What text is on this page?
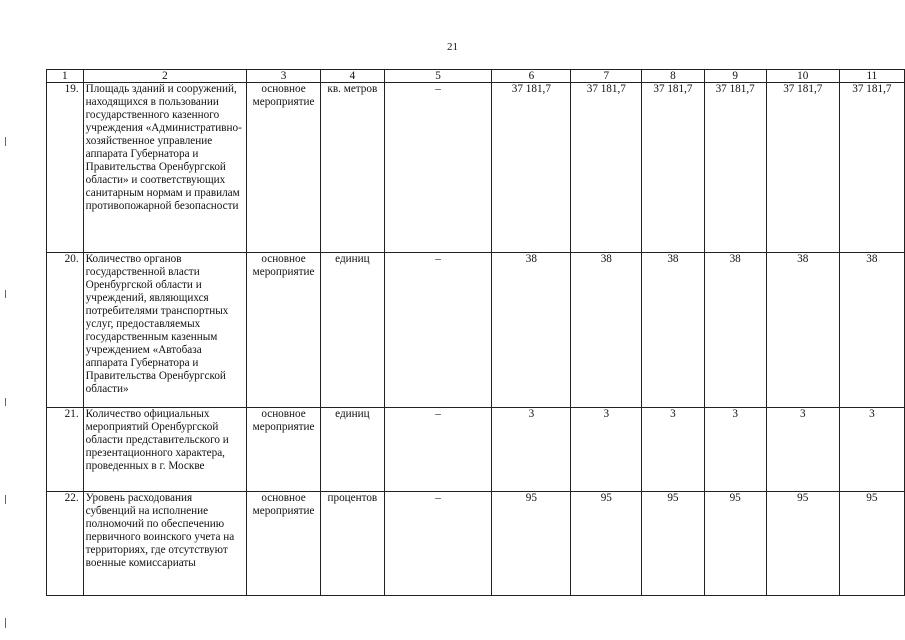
21
1	2	3	4	5	6	7	8	9	10	11
19.	Площадь зданий и сооружений, находящихся в пользовании государственного казенного учреждения «Административно-хозяйственное управление аппарата Губернатора и Правительства Оренбургской области» и соответствующих санитарным нормам и правилам противопожарной безопасности	основное мероприятие	кв. метров	–	37 181,7	37 181,7	37 181,7	37 181,7	37 181,7	37 181,7
20.	Количество органов государственной власти Оренбургской области и учреждений, являющихся потребителями транспортных услуг, предоставляемых государственным казенным учреждением «Автобаза аппарата Губернатора и Правительства Оренбургской области»	основное мероприятие	единиц	–	38	38	38	38	38	38
21.	Количество официальных мероприятий Оренбургской области представительского и презентационного характера, проведенных в г. Москве	основное мероприятие	единиц	–	3	3	3	3	3	3
22.	Уровень расходования субвенций на исполнение полномочий по обеспечению первичного воинского учета на территориях, где отсутствуют военные комиссариаты	основное мероприятие	процентов	–	95	95	95	95	95	95
